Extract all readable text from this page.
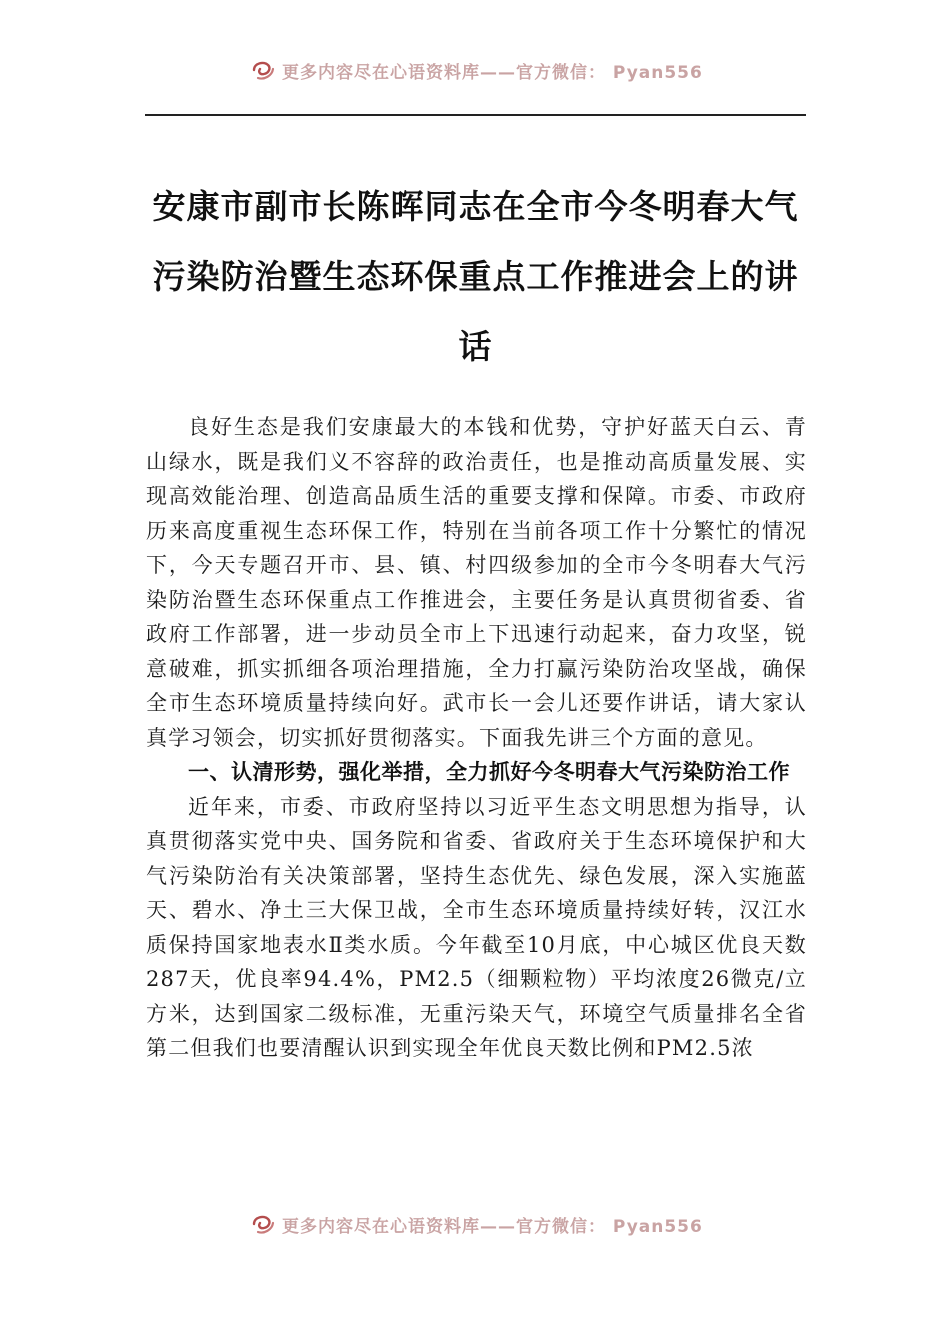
更多内容尽在心语资料库——官方微信： Pyan556
安康市副市长陈晖同志在全市今冬明春大气污染防治暨生态环保重点工作推进会上的讲话

良好生态是我们安康最大的本钱和优势，守护好蓝天白云、青山绿水，既是我们义不容辞的政治责任，也是推动高质量发展、实现高效能治理、创造高品质生活的重要支撑和保障。市委、市政府历来高度重视生态环保工作，特别在当前各项工作十分繁忙的情况下，今天专题召开市、县、镇、村四级参加的全市今冬明春大气污染防治暨生态环保重点工作推进会，主要任务是认真贯彻省委、省政府工作部署，进一步动员全市上下迅速行动起来，奋力攻坚，锐意破难，抓实抓细各项治理措施，全力打赢污染防治攻坚战，确保全市生态环境质量持续向好。武市长一会儿还要作讲话，请大家认真学习领会，切实抓好贯彻落实。下面我先讲三个方面的意见。

一、认清形势，强化举措，全力抓好今冬明春大气污染防治工作

近年来，市委、市政府坚持以习近平生态文明思想为指导，认真贯彻落实党中央、国务院和省委、省政府关于生态环境保护和大气污染防治有关决策部署，坚持生态优先、绿色发展，深入实施蓝天、碧水、净土三大保卫战，全市生态环境质量持续好转，汉江水质保持国家地表水Ⅱ类水质。今年截至10月底，中心城区优良天数287天，优良率94.4%，PM2.5（细颗粒物）平均浓度26微克/立方米，达到国家二级标准，无重污染天气，环境空气质量排名全省第二但我们也要清醒认识到实现全年优良天数比例和PM2.5浓

更多内容尽在心语资料库——官方微信： Pyan556
